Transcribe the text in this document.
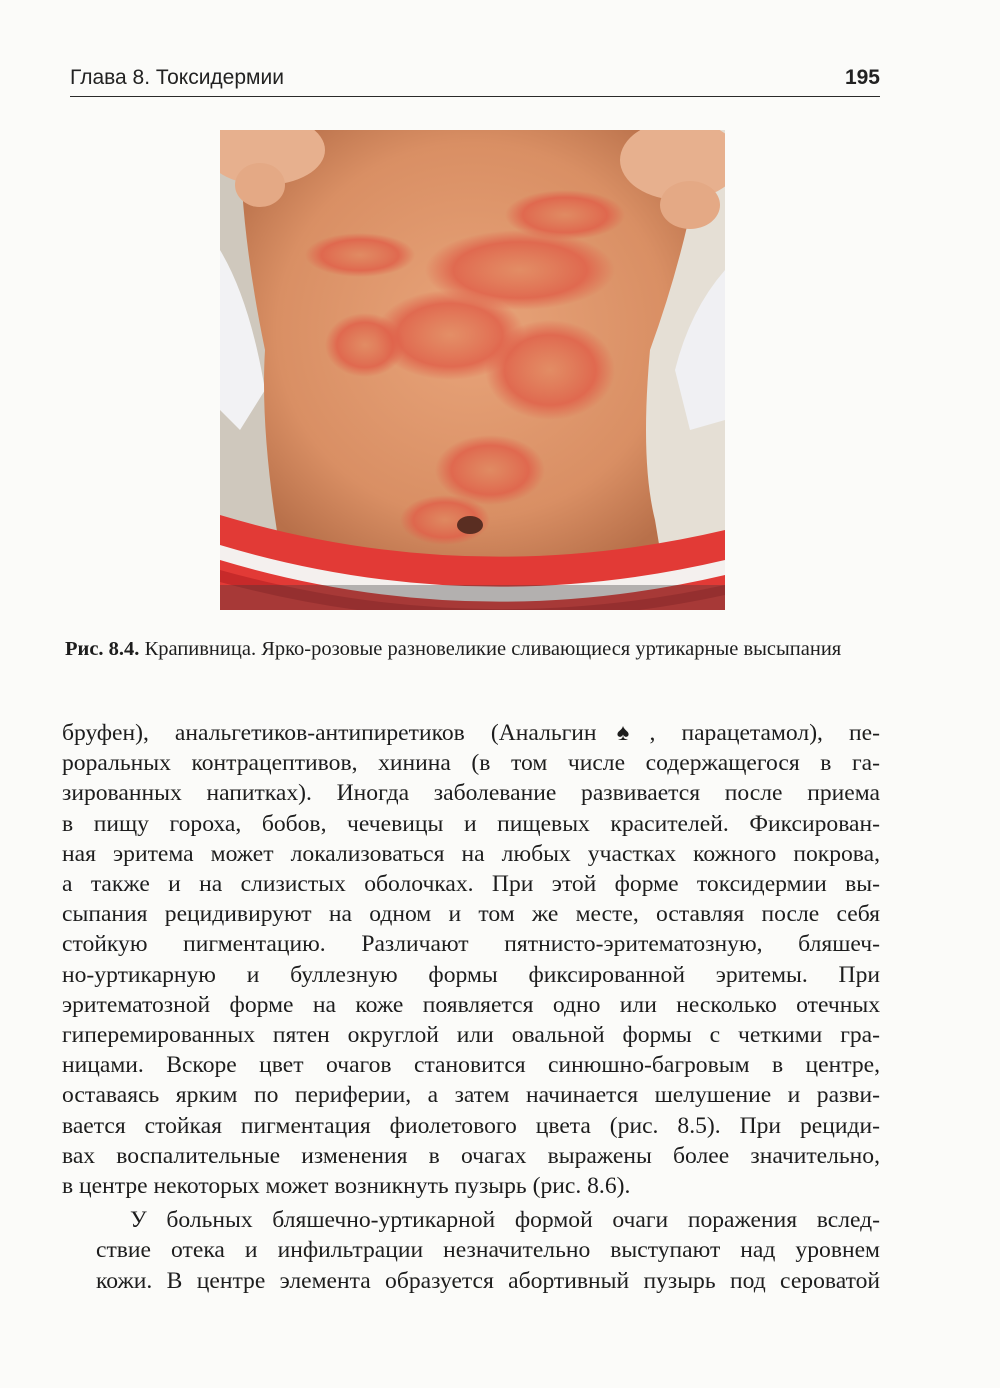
Глава 8. Токсидермии	195
Рис. 8.4. Крапивница. Ярко-розовые разновеликие сливающиеся уртикарные высыпания

бруфен), анальгетиков-антипиретиков (Анальгин♠, парацетамол), пе-
роральных контрацептивов, хинина (в том числе содержащегося в га-
зированных напитках). Иногда заболевание развивается после приема
в пищу гороха, бобов, чечевицы и пищевых красителей. Фиксирован-
ная эритема может локализоваться на любых участках кожного покрова,
а также и на слизистых оболочках. При этой форме токсидермии вы-
сыпания рецидивируют на одном и том же месте, оставляя после себя
стойкую пигментацию. Различают пятнисто-эритематозную, бляшеч-
но-уртикарную и буллезную формы фиксированной эритемы. При
эритематозной форме на коже появляется одно или несколько отечных
гиперемированных пятен округлой или овальной формы с четкими гра-
ницами. Вскоре цвет очагов становится синюшно-багровым в центре,
оставаясь ярким по периферии, а затем начинается шелушение и разви-
вается стойкая пигментация фиолетового цвета (рис. 8.5). При рециди-
вах воспалительные изменения в очагах выражены более значительно,
в центре некоторых может возникнуть пузырь (рис. 8.6).

У больных бляшечно-уртикарной формой очаги поражения вслед-
ствие отека и инфильтрации незначительно выступают над уровнем
кожи. В центре элемента образуется абортивный пузырь под сероватой
